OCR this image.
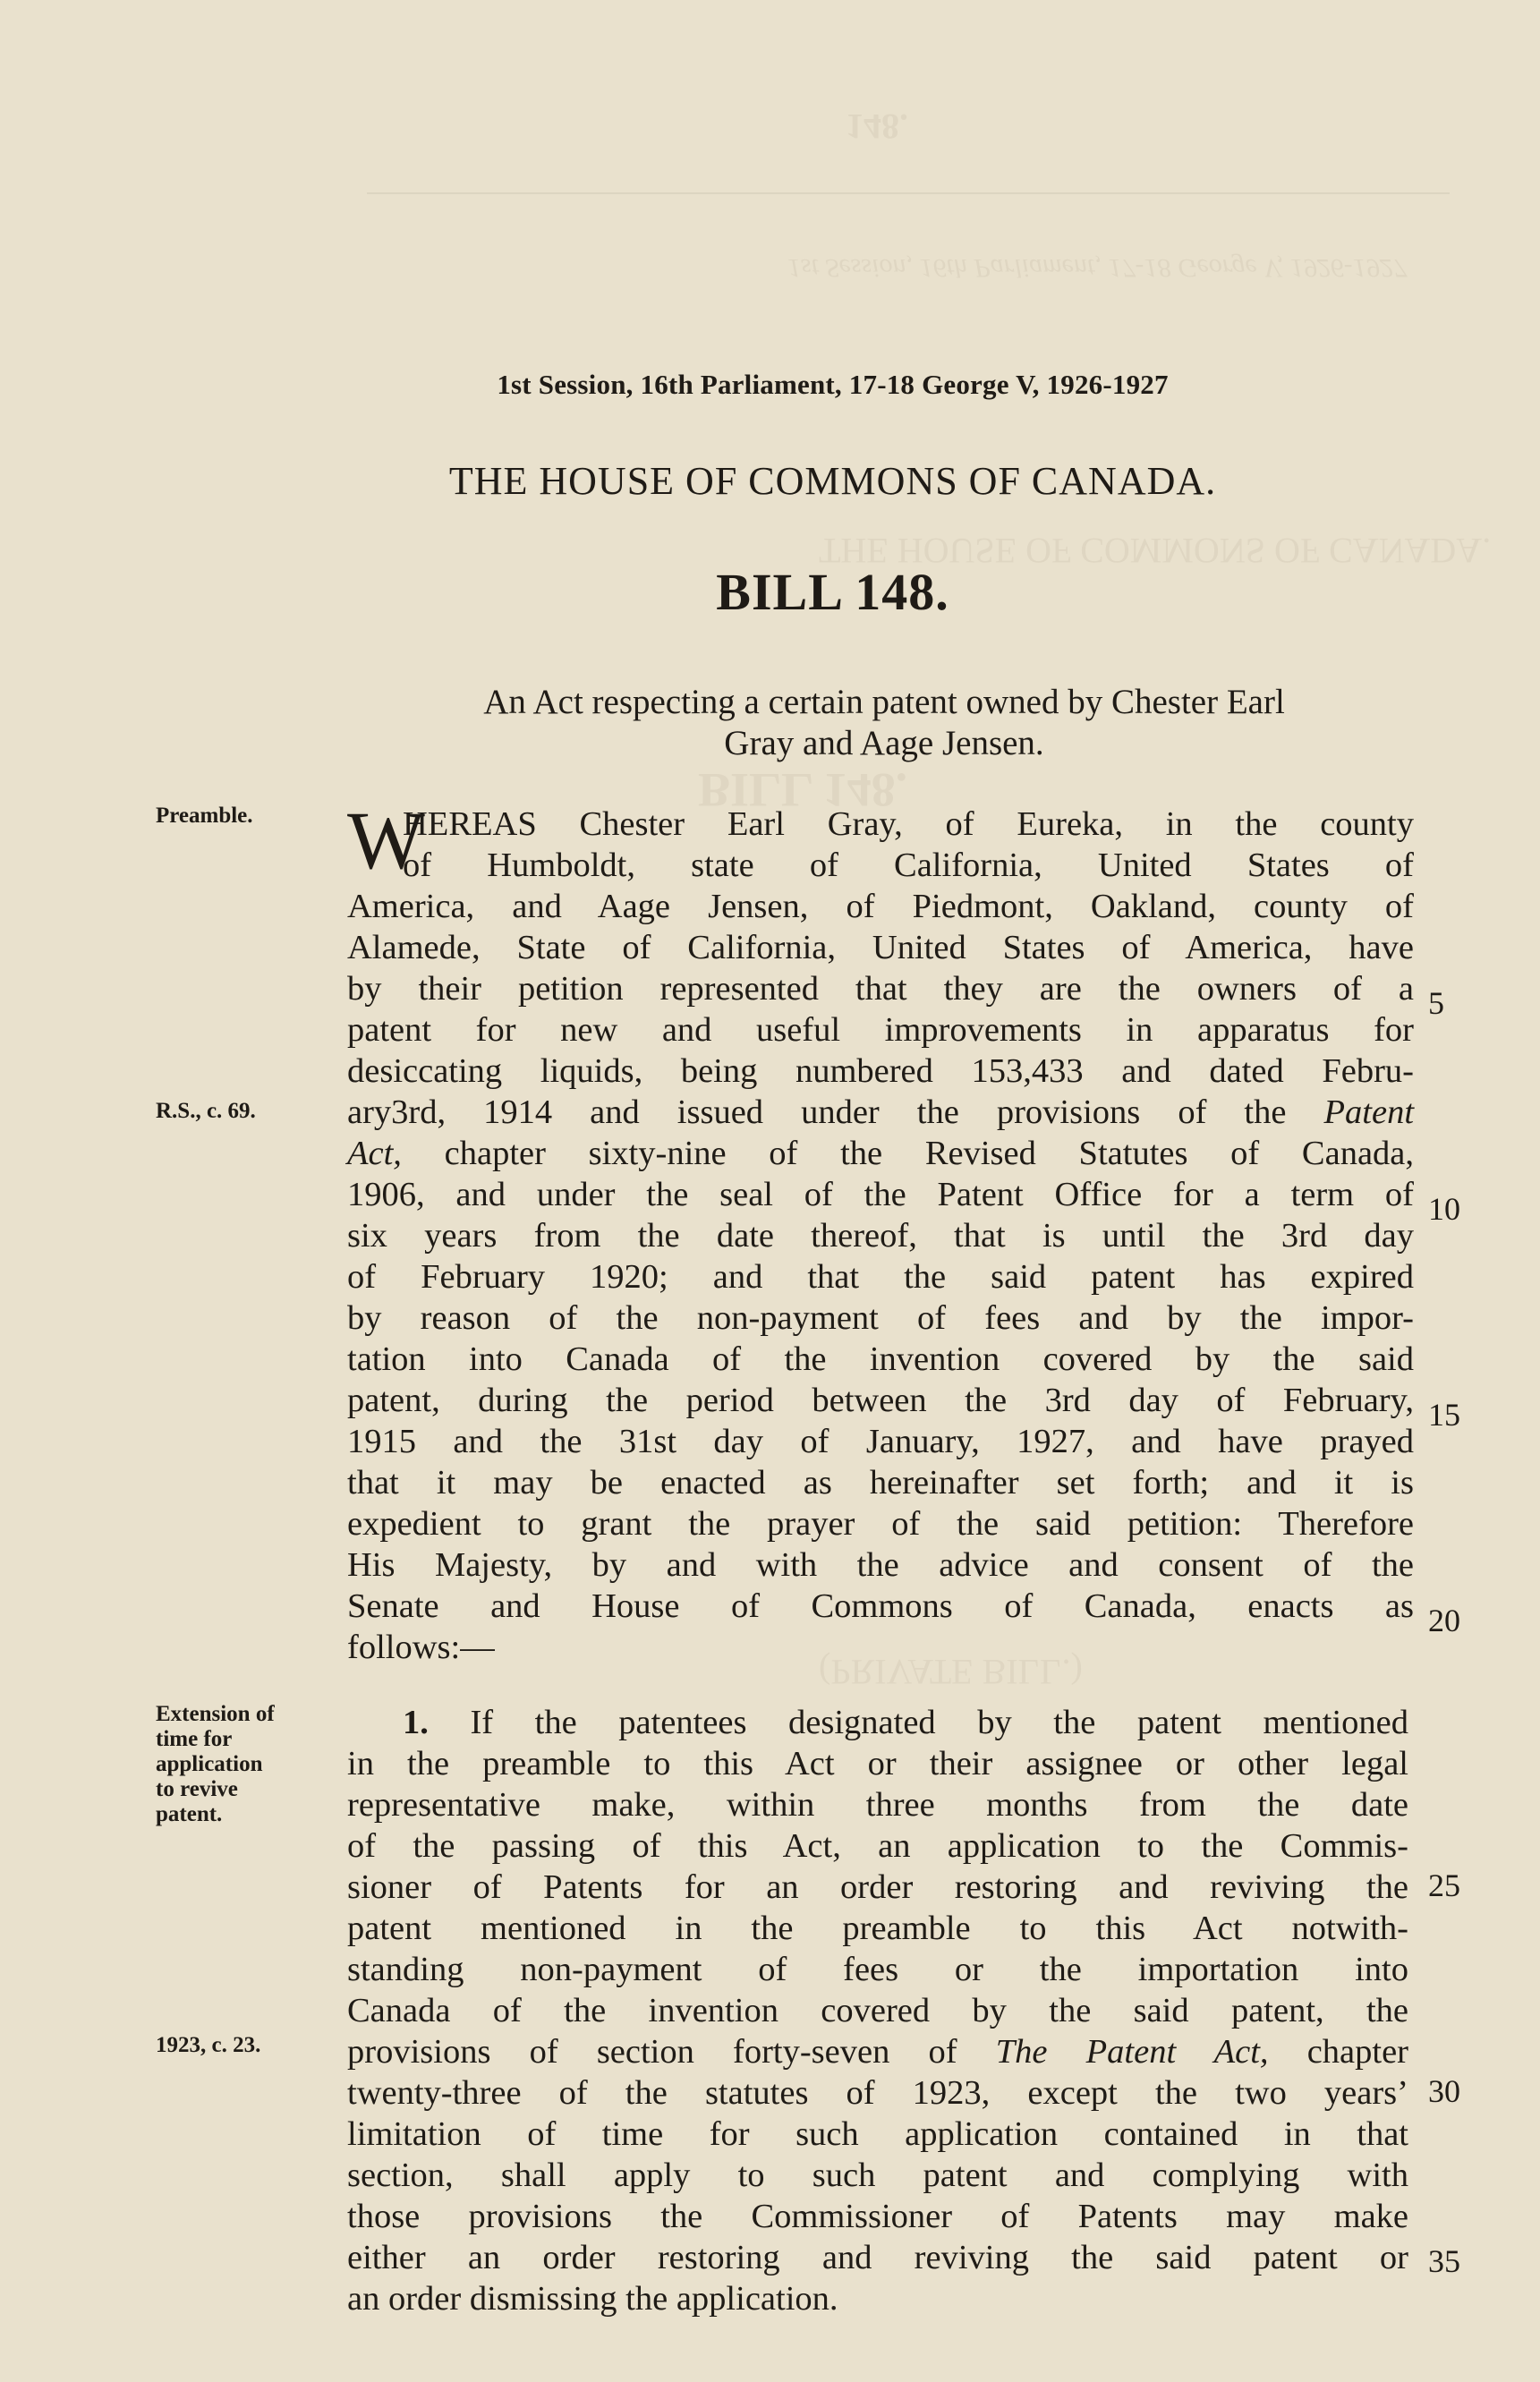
148.
1st Session, 16th Parliament, 17-18 George V, 1926-1927
THE HOUSE OF COMMONS OF CANADA.
BILL 148.
(PRIVATE BILL.)
1st Session, 16th Parliament, 17-18 George V, 1926-1927
THE HOUSE OF COMMONS OF CANADA.
BILL 148.
An Act respecting a certain patent owned by Chester Earl
Gray and Aage Jensen.
Preamble.
R.S., c. 69.
Extension of
time for
application
to revive
patent.
1923, c. 23.
W
HEREAS Chester Earl Gray, of Eureka, in the county
of Humboldt, state of California, United States of
America, and Aage Jensen, of Piedmont, Oakland, county of
Alamede, State of California, United States of America, have
by their petition represented that they are the owners of a
patent for new and useful improvements in apparatus for
desiccating liquids, being numbered 153,433 and dated Febru-
ary3rd, 1914 and issued under the provisions of the Patent
Act, chapter sixty-nine of the Revised Statutes of Canada,
1906, and under the seal of the Patent Office for a term of
six years from the date thereof, that is until the 3rd day
of February 1920; and that the said patent has expired
by reason of the non-payment of fees and by the impor-
tation into Canada of the invention covered by the said
patent, during the period between the 3rd day of February,
1915 and the 31st day of January, 1927, and have prayed
that it may be enacted as hereinafter set forth; and it is
expedient to grant the prayer of the said petition: Therefore
His Majesty, by and with the advice and consent of the
Senate and House of Commons of Canada, enacts as
follows:—
1. If the patentees designated by the patent mentioned
in the preamble to this Act or their assignee or other legal
representative make, within three months from the date
of the passing of this Act, an application to the Commis-
sioner of Patents for an order restoring and reviving the
patent mentioned in the preamble to this Act notwith-
standing non-payment of fees or the importation into
Canada of the invention covered by the said patent, the
provisions of section forty-seven of The Patent Act, chapter
twenty-three of the statutes of 1923, except the two years’
limitation of time for such application contained in that
section, shall apply to such patent and complying with
those provisions the Commissioner of Patents may make
either an order restoring and reviving the said patent or
an order dismissing the application.
5
10
15
20
25
30
35
